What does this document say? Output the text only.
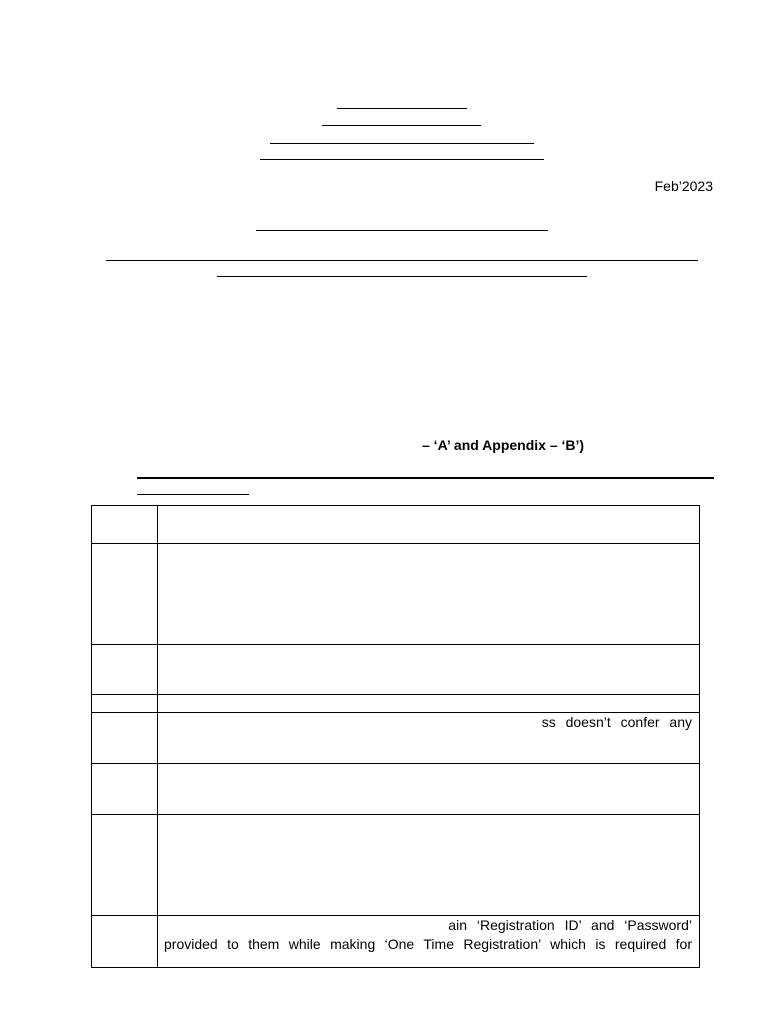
Feb’2023
– ‘A’ and Appendix – ‘B’)

	ss doesn’t confer any

	ain ‘Registration ID’ and ‘Password’
provided to them while making ‘One Time Registration’ which is required for
